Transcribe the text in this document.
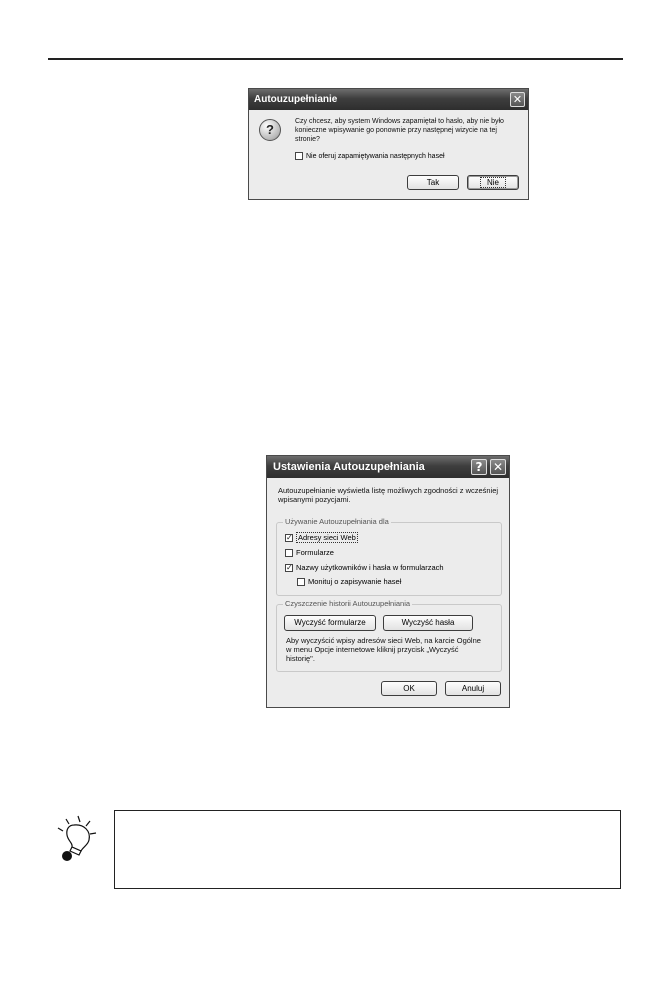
Autouzupełnianie	✕
?
Czy chcesz, aby system Windows zapamiętał to hasło, aby nie było konieczne wpisywanie go ponownie przy następnej wizycie na tej stronie?
Nie oferuj zapamiętywania następnych haseł
Tak	Nie
Ustawienia Autouzupełniania	? ✕
Autouzupełnianie wyświetla listę możliwych zgodności z wcześniej wpisanymi pozycjami.
Używanie Autouzupełniania dla
✓ Adresy sieci Web
Formularze
✓ Nazwy użytkowników i hasła w formularzach
Monituj o zapisywanie haseł
Czyszczenie historii Autouzupełniania
Wyczyść formularze	Wyczyść hasła
Aby wyczyścić wpisy adresów sieci Web, na karcie Ogólne w menu Opcje internetowe kliknij przycisk „Wyczyść historię".
OK	Anuluj
